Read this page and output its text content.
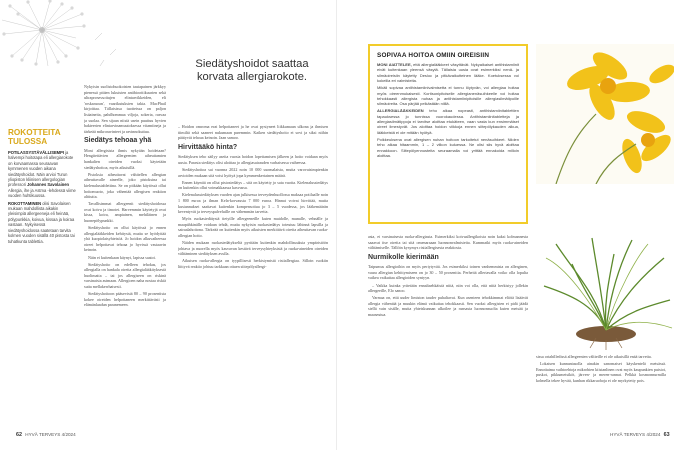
ROKOTTEITA TULOSSA

POTILASSYSTÄVÄLLISEMPI ja halvempi hoitotapa eli allergiarokote on korvaamassa seuraavan kymmenen vuoden aikana siedätyshoidot. Näin arvioi Turun yliopiston kliinisen allergologian professori Johannes Savolainen Allergia, ihe ja Astma -lehdessä viime vuoden huhtikuussa.

ROKOTTAMINEN olisi Savolaisen mukaan mahdollista aikakin yleisimpiä allergeeneja eli heinää, pölypunkkia, koivua, kissaa ja koiraa vastaan. Nykyisessä siedätyshoidossa saatetaan tarvita kolmen vuoden sisällä 40 pistosta tai tuhatkunta tablettia.

Nykyisin suolistohuokoisten tauiapainen järkkyy pienessä pitäen lukuisten antibioottikuurien sekä ultraprosessoitujen elintarvikkeiden, eli 'roskaruoan', vaarikutuksien takia. MacPhail kirjoittaa. Tällaisissa tuotteissa on paljon lisäaineita, pahdhommaa viljoja, sokeria, rasvaa ja suolaa. Sen sijaan niistä usein puuttuu hyvien bakteerien elintarvinamuutoksessa vitamiineja ja tärkeää mikroravinteet ja ravinnokuitua.

Siedätys tehoaa yhä

Moni allergisista ihmis nykyään hoidetaan? Hengitettävien allergeenien aiheuttamien hankalien oireiden vuoksi käytetään siedätyshoitoa, myös aikuisillä.

Pistoksia aiheuttavat vähitellen allergian aiheuttavalle aineelle, joko pistoksina tai kielenalustablettina. Se on pitkään käytössä ollut hoitomuoto, joka vähentää allergisen reaktion alttiutta.

Tavallisimmat allergeenit siedätyshoidossa ovat koivu ja timotei. Harvemmin käytetyjä ovat kissa, koira, ampiainen, mehiläinen ja huonepölypunkki.

Siedätyshoito on ollut käytössä jo ennen allergialääkkeiden kehitystä, mutta se hyödyttää yhä kuopiolaisyhteisöä. Jo hoidon alkuvaiheessa oireet helpottavat tehoaa jo hyvissä vastaavin keinoin.

Näin ei kuitenkaan käynyt, lapissa saatoi.

Siedätyshoito on edelleen tehokas, jos allergialla on hankala oireita allergialääkityksestä huolimatta – tai jos allergiseen on riskinä varsinaisia astmaan. Allergioen naha nostaa riskiä sutta mellakerrhaisesti.

Siedätyshoitoon pääsevistä 80 – 90 prosentista kokee oireiden helpottaneen merkittävästi ja elämänlaadun paranemeen.

Siedätyshoidot saattaa korvata allergiarokote.

– Hoidon omroma erat helpottaneet ja he ovat pystyneet liikkumaan ulkona ja ihmisen tiimiltä sekä saaneet nukumaan paremmin. Kaiken siedätyshoito ei sovi ja siksi niihin päätyvät tehoaa keinoin. Jaan samoo.

Hirvittääkö hinta?

Siedätyksen tebo säilyy aseita vuosia hoidon lopettamisen jälkeen ja hoito voidaan myös uusia. Parasta siedätys olisi aloittaa jo allergiasairauden varhaisessa vaiheessa.

Siedätyshoitoa sai vuonna 2022 noin 10 000 suomalaista, mutta varovaisimpienkin arvioiden mukaan sitä voisi hyötyä jopa kymmenkertainen määrä.

Ennen käyntiä on ollut pistosiedätys – sitä on käytetty jo sata vuotta. Kielenalussiedätys on kuitenkin ollut voimakkaassa kasvussa.

Kielenalussiedätyksen vuoden ajan julkisessa terveydenhuollossa maksaa potilaalle noin 1 800 euroa ja ilman Kela-korvausta 7 000 euroa. Hinnat voivat hirvittää, mutta kustannukset saattavat kuitenkin kompensoitua jo 3 – 5 vuodessa, jos lääkemäärän keventyvät ja terveyspalveluille on vähemmän tarvetta.

Myös ruokasiedätystä tietyille allergeeneille kuten maidolle, munalle, vehnälle ja maapähkinälle voidaan tehdä, mutta nykyisin ruokasiedätys toteutuu lähinnä lapsilla ja sairaalahoitona. Tärkeää on kuitenkin myös aikuisten merkittävä oireita aiheuttavan ruoka-allergian hoito.

Näiden mukaan ruokasiedätykseltä pyritään kuitenkin mahdollisuuksia ympäristöön johtava ja nuorella myös kasvavan kestävä terveysyhteyksistä ja ruoka-aineiden oireiden välttäminen siedätyksen avulla.

Aikuisen ruoka-allergia on tyypillisesti herkistymistä ristiallergiaa. Silloin ruokiin liittyvä reaktio johtuu tarkkaan ottaen siitepölyallergi-

62 HYVÄ TERVEYS 4/2024
SOPIVAA HOITOA OMIIN OIREISIIN

MONI AIATTELEE, että allergialääkkeet väsyttävät. Nykyaikaiset antihistamiinit eivät kuitenkaan yleensä väsytä. Tällaisia uusia ovat esimerkiksi nenä- ja silmäoireisiin käytetty Desloc ja pitkävaikutteinen lääke. Koetuksessa voi kokeilla eri valmisteita.

Mikäli sopivaa antihistamiinivalmisetta ei tunnu löytyvän, voi allergiaa hoitaa myös oireenmukaisesti. Kortisonipitoiselle allergianenäsuihkeelle voi hoitaa tehokkaasti allergista nuhaa ja antihistamiinipitoisille allergiasilmätipoille silmäoireita. Osa pärjää pelkästään niillä.

ALLERGIALÄÄKKEIDEN teho alkaa nopeasti, antihistamiinitablettien tapauksessa jo tunnissa vuorokaudessa. Antihistamiinitabletteja ja allergiasilmätippoja ei tarvitse aloittaa etukäteen, vaan vasta kun ensimmäiset oireet ilmestyvät. Jos aloittaa hoidon viikkoja ennen siitepölykauden alkua, lääkkeistä ei ole mitään hyötyä.

Poikkeuksena ovat allergisen nuhan hoitoon tarkoitetut nenäsuihkeet. Niiden teho alkaa hitaammin, 1 – 2 viikon kuluessa. Ne olisi siis hyvä aloittaa ennakkoon. Siitepölyennusteita seuraamalla voi yrittää ennakoida milloin aloittaa.

asta, ei varsinaisesta ruoka-allergiasta. Esimerkiksi koivuallergikoista noin kaksi kolmannesta saaavat itse oireita tai sitä omenaraaan luonnonvalmisteita. Kummatki myös ruoka-aineiden välttämiselle. Tällöin kysymys ristiallergisesta reaktiosta.

Nurmikolle kierimään

Taipumus allergioihin on myös periytyvää. Jos esimerkiksi toinen vanhemmista on allerginen, vaara allergian kehittymiseen on jo 30 – 50 prosenttia. Perheitä allertavalla voiko olla lopulta vaikea vaikuttaa allergioiden syntyyn.

– Vaikka kuinka yritetään ennaltaehkäistä niitä, niin voi olla, että niitä herkistyy jollekin allergeeille, Elo sanoo.

Varmaa on, että uuder limiston tauder puhaltavat. Kun asenteen tehokkimmat eliötä lisäävät allergia vähentää ja muukin elämä vaikuttaa tehokkaasti. Sen vuoksi allergisten ei pidä jäädä siellä vain sisälle, mutta yhteiskunnan ulkoilee ja runsasta luonnonsuolta kuten metsää ja maaseutua.

sissa ortahilledissä allergeenien vältteille ei ole aikuisillä enää tarvetta.

Lokaisen kunnantasolla ainakin sanomaiset käyskentelä metsässä. Ennottaima vaihtoehtoja mikrobien kiistanlinen ovat myös kaupunkien puistot, puskot, pikkumetsiköt, järven- ja meren-rannat. Pelkkä kosmonnurmilla kolmella tekee hyvää, kunhan rikkaruohoja ei ole myrkytetty pois.

HYVÄ TERVEYS 4/2024 63
